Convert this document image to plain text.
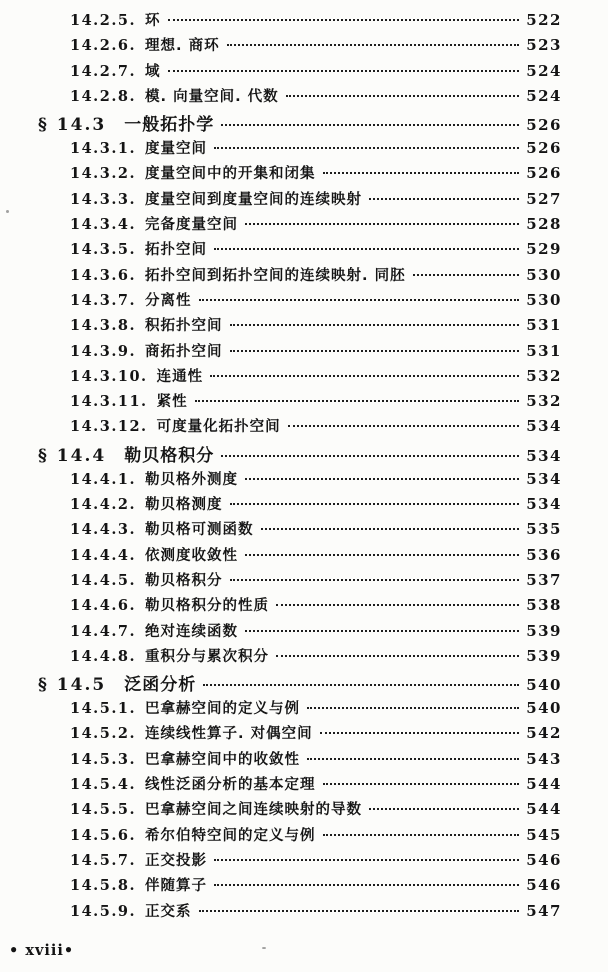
14.2.5. 环	522
14.2.6. 理想. 商环	523
14.2.7. 域	524
14.2.8. 模. 向量空间. 代数	524
§ 14.3 一般拓扑学	526
14.3.1. 度量空间	526
14.3.2. 度量空间中的开集和闭集	526
14.3.3. 度量空间到度量空间的连续映射	527
14.3.4. 完备度量空间	528
14.3.5. 拓扑空间	529
14.3.6. 拓扑空间到拓扑空间的连续映射. 同胚	530
14.3.7. 分离性	530
14.3.8. 积拓扑空间	531
14.3.9. 商拓扑空间	531
14.3.10. 连通性	532
14.3.11. 紧性	532
14.3.12. 可度量化拓扑空间	534
§ 14.4 勒贝格积分	534
14.4.1. 勒贝格外测度	534
14.4.2. 勒贝格测度	534
14.4.3. 勒贝格可测函数	535
14.4.4. 依测度收敛性	536
14.4.5. 勒贝格积分	537
14.4.6. 勒贝格积分的性质	538
14.4.7. 绝对连续函数	539
14.4.8. 重积分与累次积分	539
§ 14.5 泛函分析	540
14.5.1. 巴拿赫空间的定义与例	540
14.5.2. 连续线性算子. 对偶空间	542
14.5.3. 巴拿赫空间中的收敛性	543
14.5.4. 线性泛函分析的基本定理	544
14.5.5. 巴拿赫空间之间连续映射的导数	544
14.5.6. 希尔伯特空间的定义与例	545
14.5.7. 正交投影	546
14.5.8. 伴随算子	546
14.5.9. 正交系	547
• xviii•
